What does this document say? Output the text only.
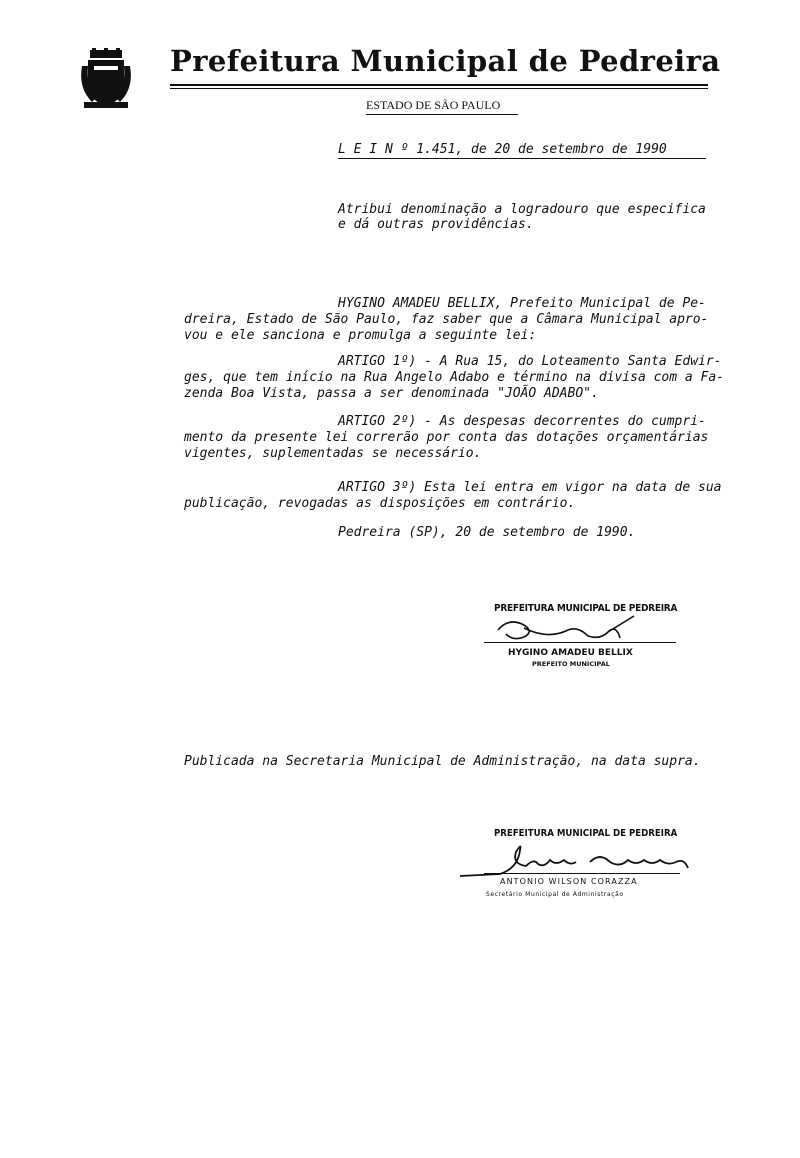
Prefeitura Municipal de Pedreira
ESTADO DE SÃO PAULO
L E I N º 1.451, de 20 de setembro de 1990
Atribui denominação a logradouro que especifica
e dá outras providências.
HYGINO AMADEU BELLIX, Prefeito Municipal de Pe-
dreira, Estado de São Paulo, faz saber que a Câmara Municipal apro-
vou e ele sanciona e promulga a seguinte lei:
ARTIGO 1º) - A Rua 15, do Loteamento Santa Edwir-
ges, que tem início na Rua Angelo Adabo e término na divisa com a Fa-
zenda Boa Vista, passa a ser denominada "JOÃO ADABO".
ARTIGO 2º) - As despesas decorrentes do cumpri-
mento da presente lei correrão por conta das dotações orçamentárias
vigentes, suplementadas se necessário.
ARTIGO 3º) Esta lei entra em vigor na data de sua
publicação, revogadas as disposições em contrário.
Pedreira (SP), 20 de setembro de 1990.
PREFEITURA MUNICIPAL DE PEDREIRA
HYGINO AMADEU BELLIX
PREFEITO MUNICIPAL
Publicada na Secretaria Municipal de Administração, na data supra.
PREFEITURA MUNICIPAL DE PEDREIRA
ANTONIO WILSON CORAZZA
Secretário Municipal de Administração
